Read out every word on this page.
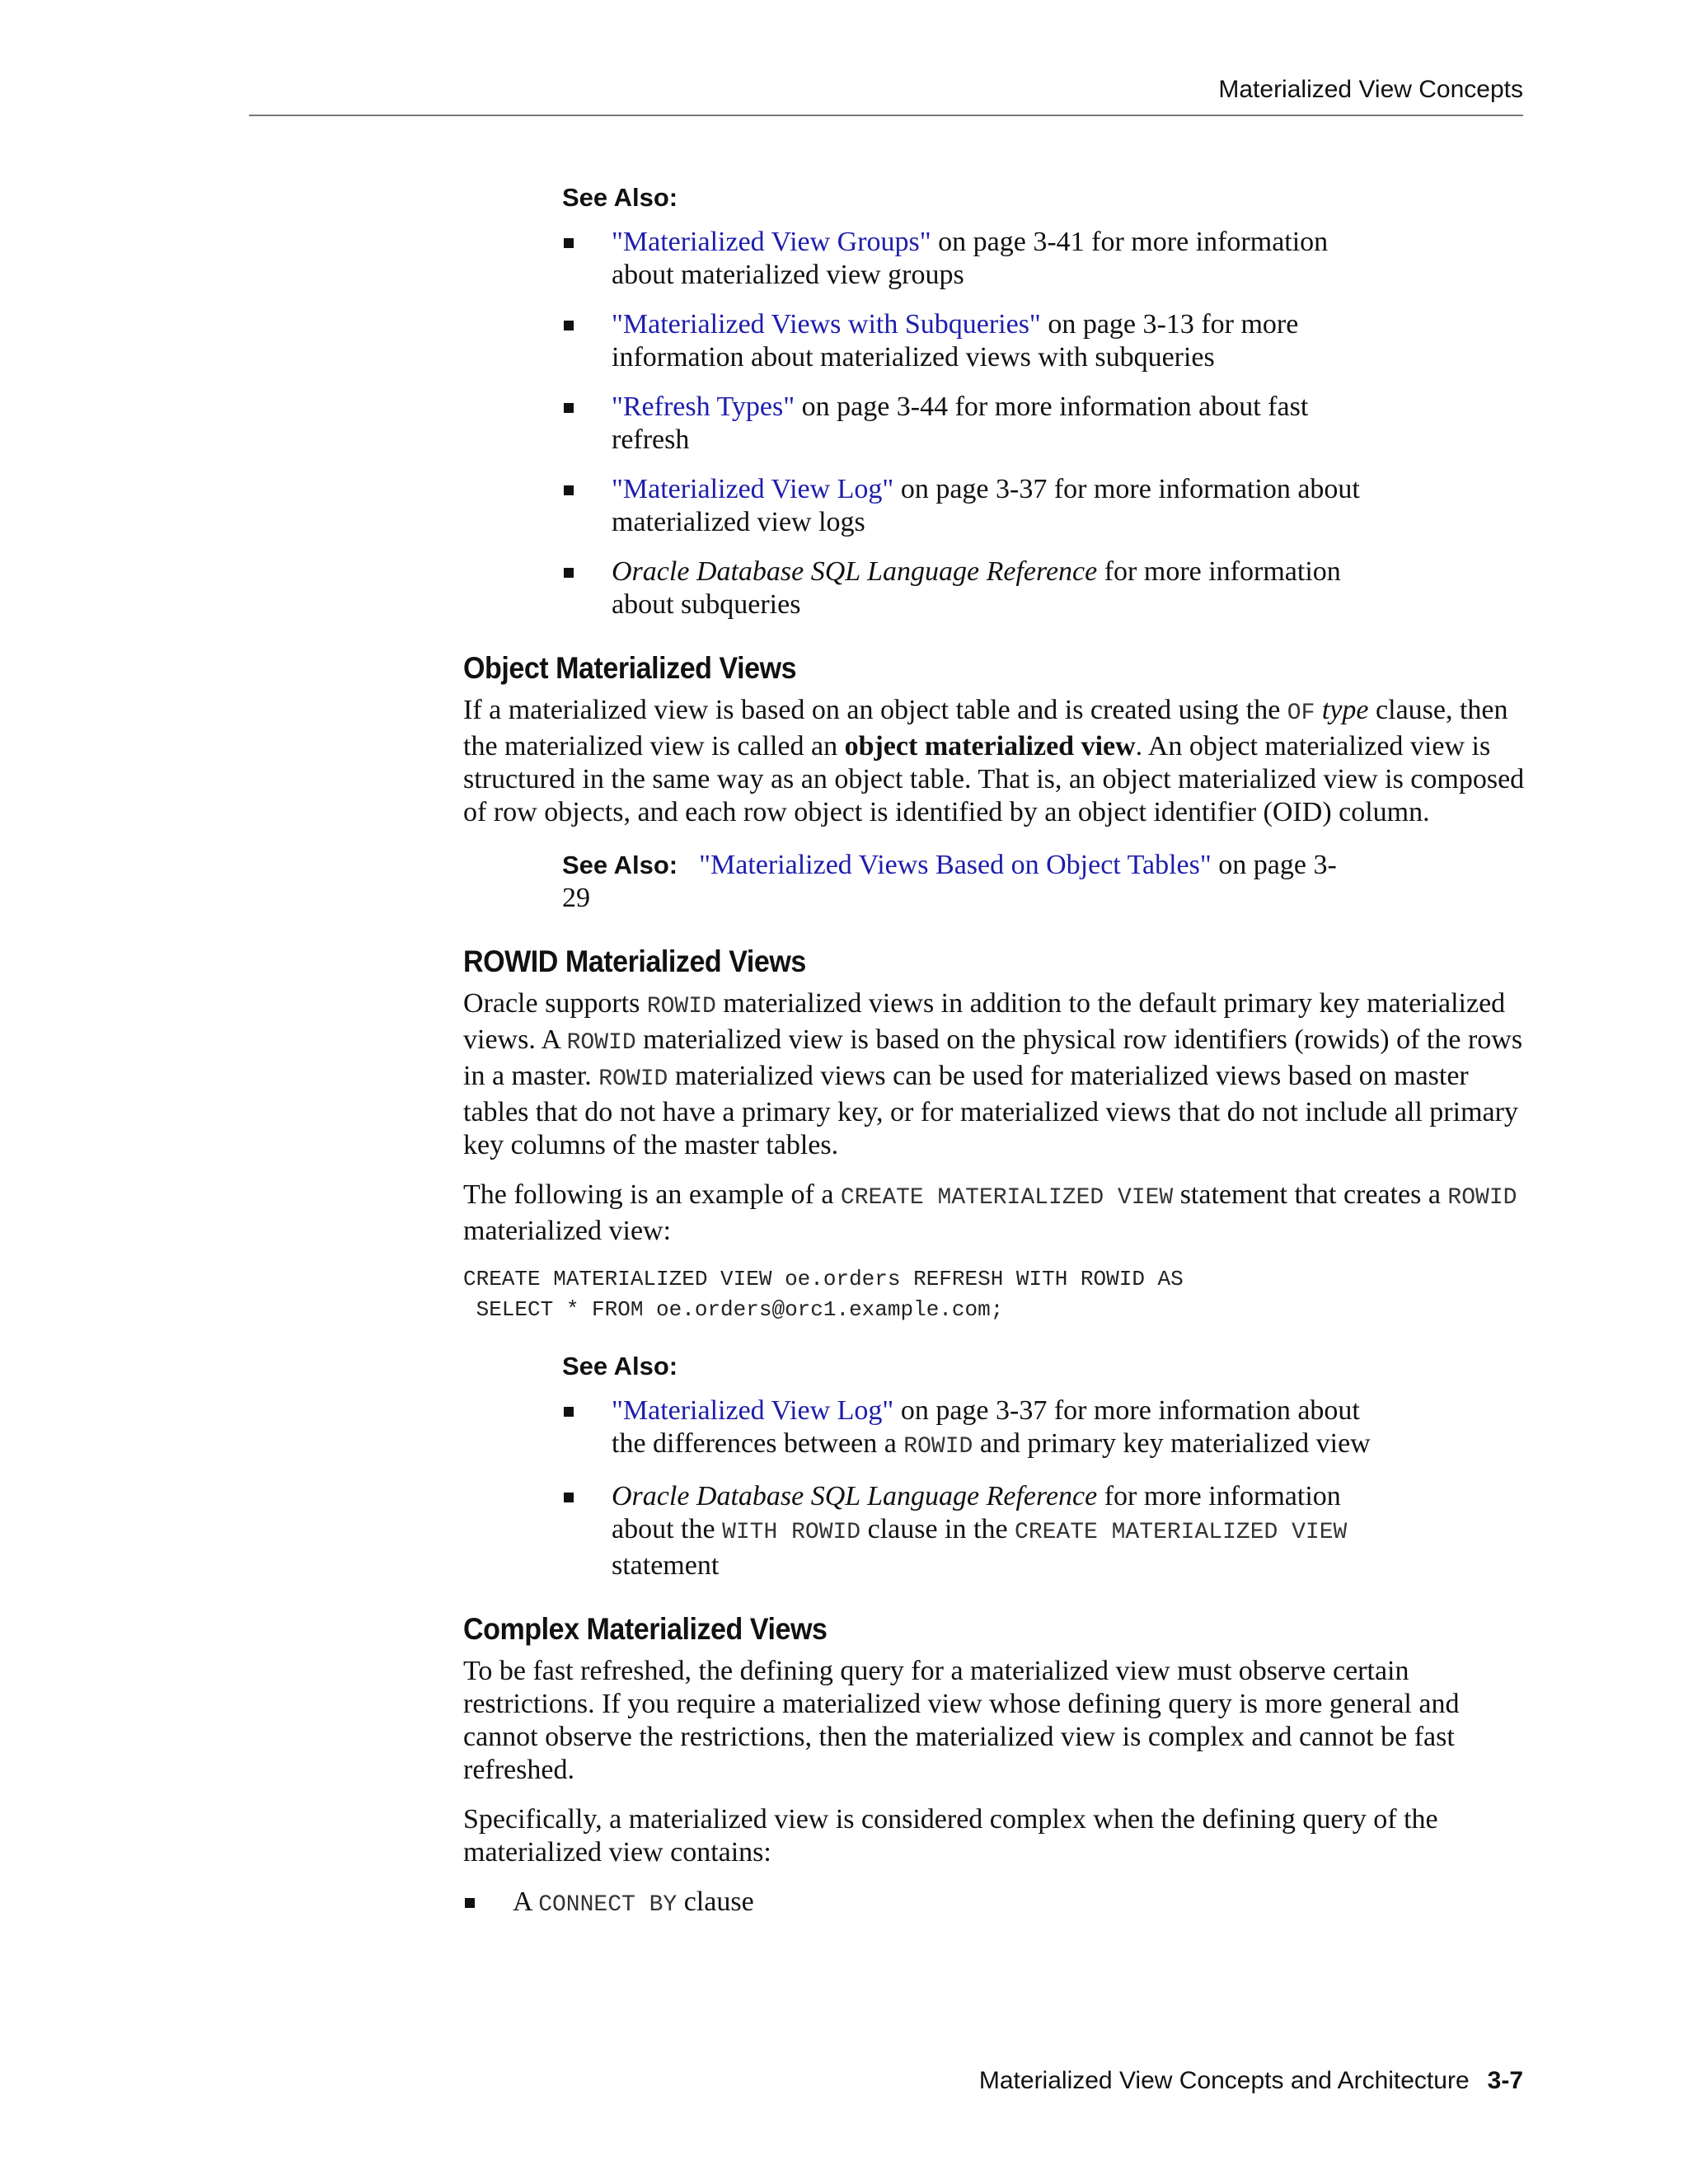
Materialized View Concepts
See Also:
"Materialized View Groups" on page 3-41 for more information about materialized view groups
"Materialized Views with Subqueries" on page 3-13 for more information about materialized views with subqueries
"Refresh Types" on page 3-44 for more information about fast refresh
"Materialized View Log" on page 3-37 for more information about materialized view logs
Oracle Database SQL Language Reference for more information about subqueries
Object Materialized Views

If a materialized view is based on an object table and is created using the OF type clause, then the materialized view is called an object materialized view. An object materialized view is structured in the same way as an object table. That is, an object materialized view is composed of row objects, and each row object is identified by an object identifier (OID) column.

See Also: "Materialized Views Based on Object Tables" on page 3-29
ROWID Materialized Views

Oracle supports ROWID materialized views in addition to the default primary key materialized views. A ROWID materialized view is based on the physical row identifiers (rowids) of the rows in a master. ROWID materialized views can be used for materialized views based on master tables that do not have a primary key, or for materialized views that do not include all primary key columns of the master tables.

The following is an example of a CREATE MATERIALIZED VIEW statement that creates a ROWID materialized view:

CREATE MATERIALIZED VIEW oe.orders REFRESH WITH ROWID AS
SELECT * FROM oe.orders@orc1.example.com;
See Also:
"Materialized View Log" on page 3-37 for more information about the differences between a ROWID and primary key materialized view
Oracle Database SQL Language Reference for more information about the WITH ROWID clause in the CREATE MATERIALIZED VIEW statement
Complex Materialized Views

To be fast refreshed, the defining query for a materialized view must observe certain restrictions. If you require a materialized view whose defining query is more general and cannot observe the restrictions, then the materialized view is complex and cannot be fast refreshed.

Specifically, a materialized view is considered complex when the defining query of the materialized view contains:

A CONNECT BY clause
Materialized View Concepts and Architecture 3-7
